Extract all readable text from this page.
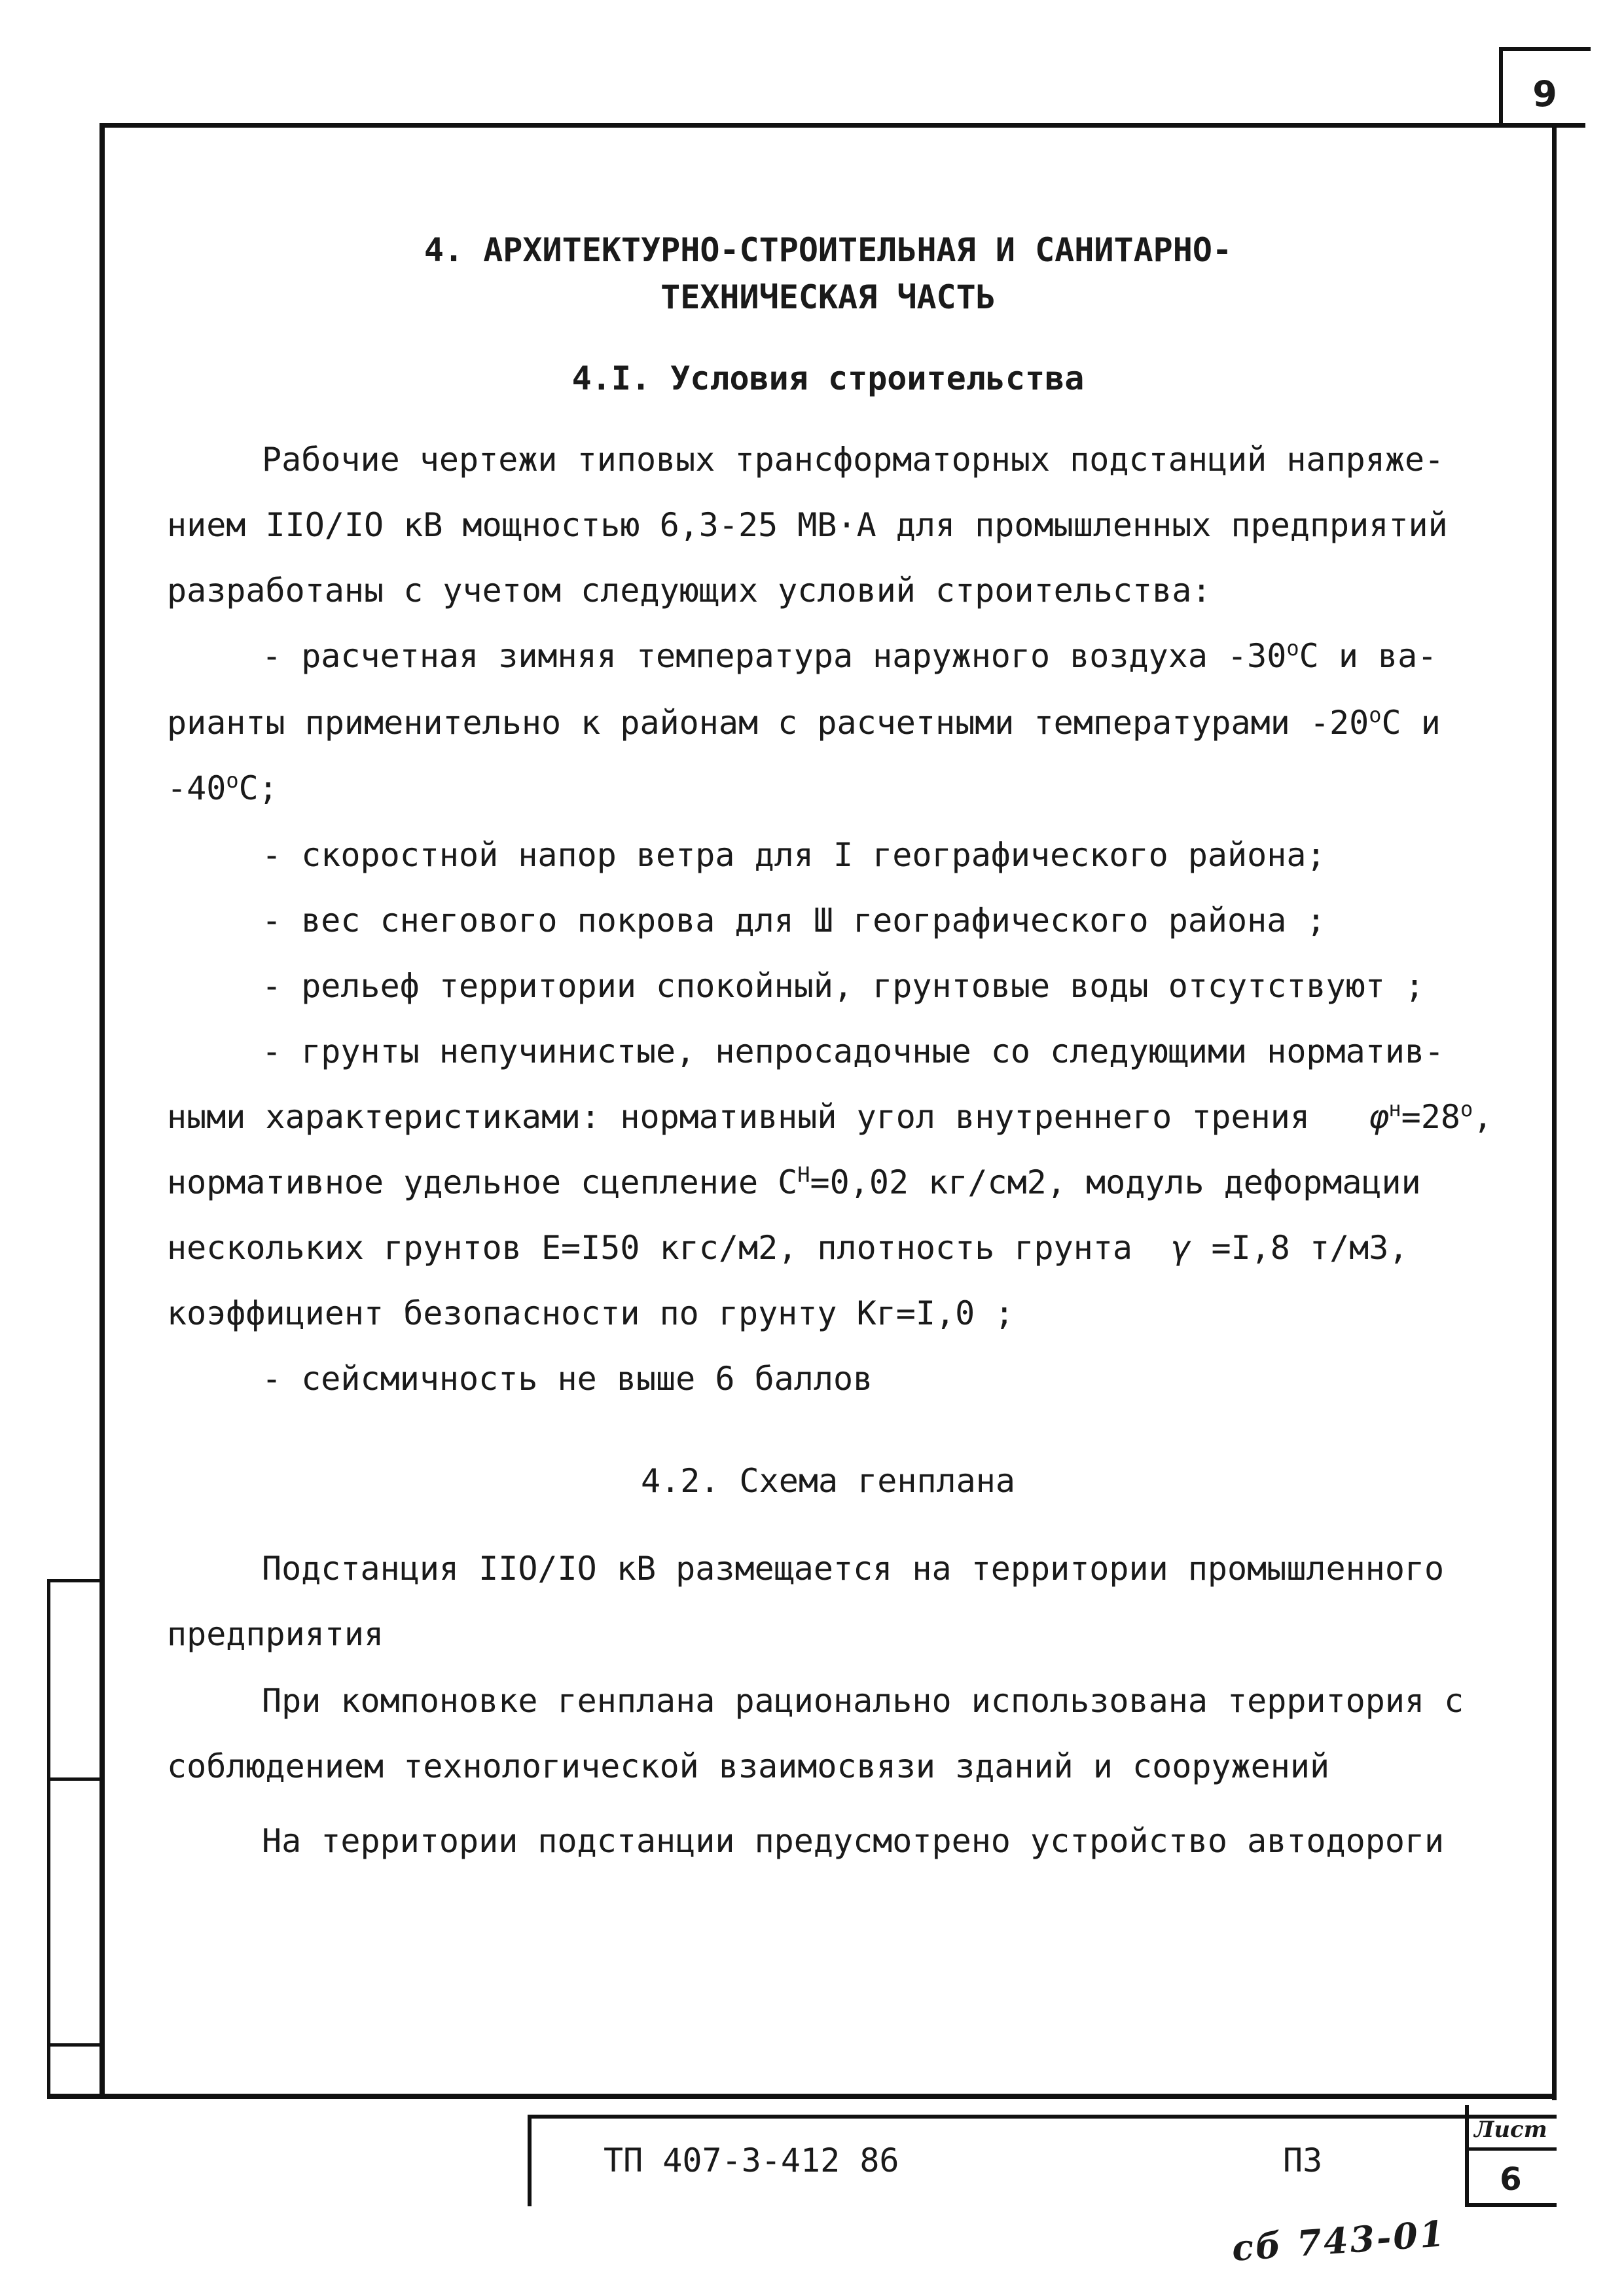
9
4. АРХИТЕКТУРНО-СТРОИТЕЛЬНАЯ И САНИТАРНО-
ТЕХНИЧЕСКАЯ ЧАСТЬ
4.I. Условия строительства
Рабочие чертежи типовых трансформаторных подстанций напряже-
нием IIO/IO кВ мощностью 6,3-25 МВ·А для промышленных предприятий
разработаны с учетом следующих условий строительства:
- расчетная зимняя температура наружного воздуха $-30^оC$ и ва-
рианты применительно к районам с расчетными температурами $-20^оC$ и
$-40^оC$;
- скоростной напор ветра для I географического района;
- вес снегового покрова для Ш географического района ;
- рельеф территории спокойный, грунтовые воды отсутствуют ;
- грунты непучинистые, непросадочные со следующими норматив-
ными характеристиками: нормативный угол внутреннего трения $\varphi^н=28^о$,
нормативное удельное сцепление $С^Н=0,02$ кг/см2, модуль деформации
нескольких грунтов Е=I50 кгс/м2, плотность грунта γ =I,8 т/м3,
коэффициент безопасности по грунту Кг=I,0 ;
- сейсмичность не выше 6 баллов
4.2. Схема генплана
Подстанция IIO/IO кВ размещается на территории промышленного
предприятия
При компоновке генплана рационально использована территория с
соблюдением технологической взаимосвязи зданий и сооружений
На территории подстанции предусмотрено устройство автодороги
ТП 407-3-412 86	ПЗ
Лист
6
сб 743-01
